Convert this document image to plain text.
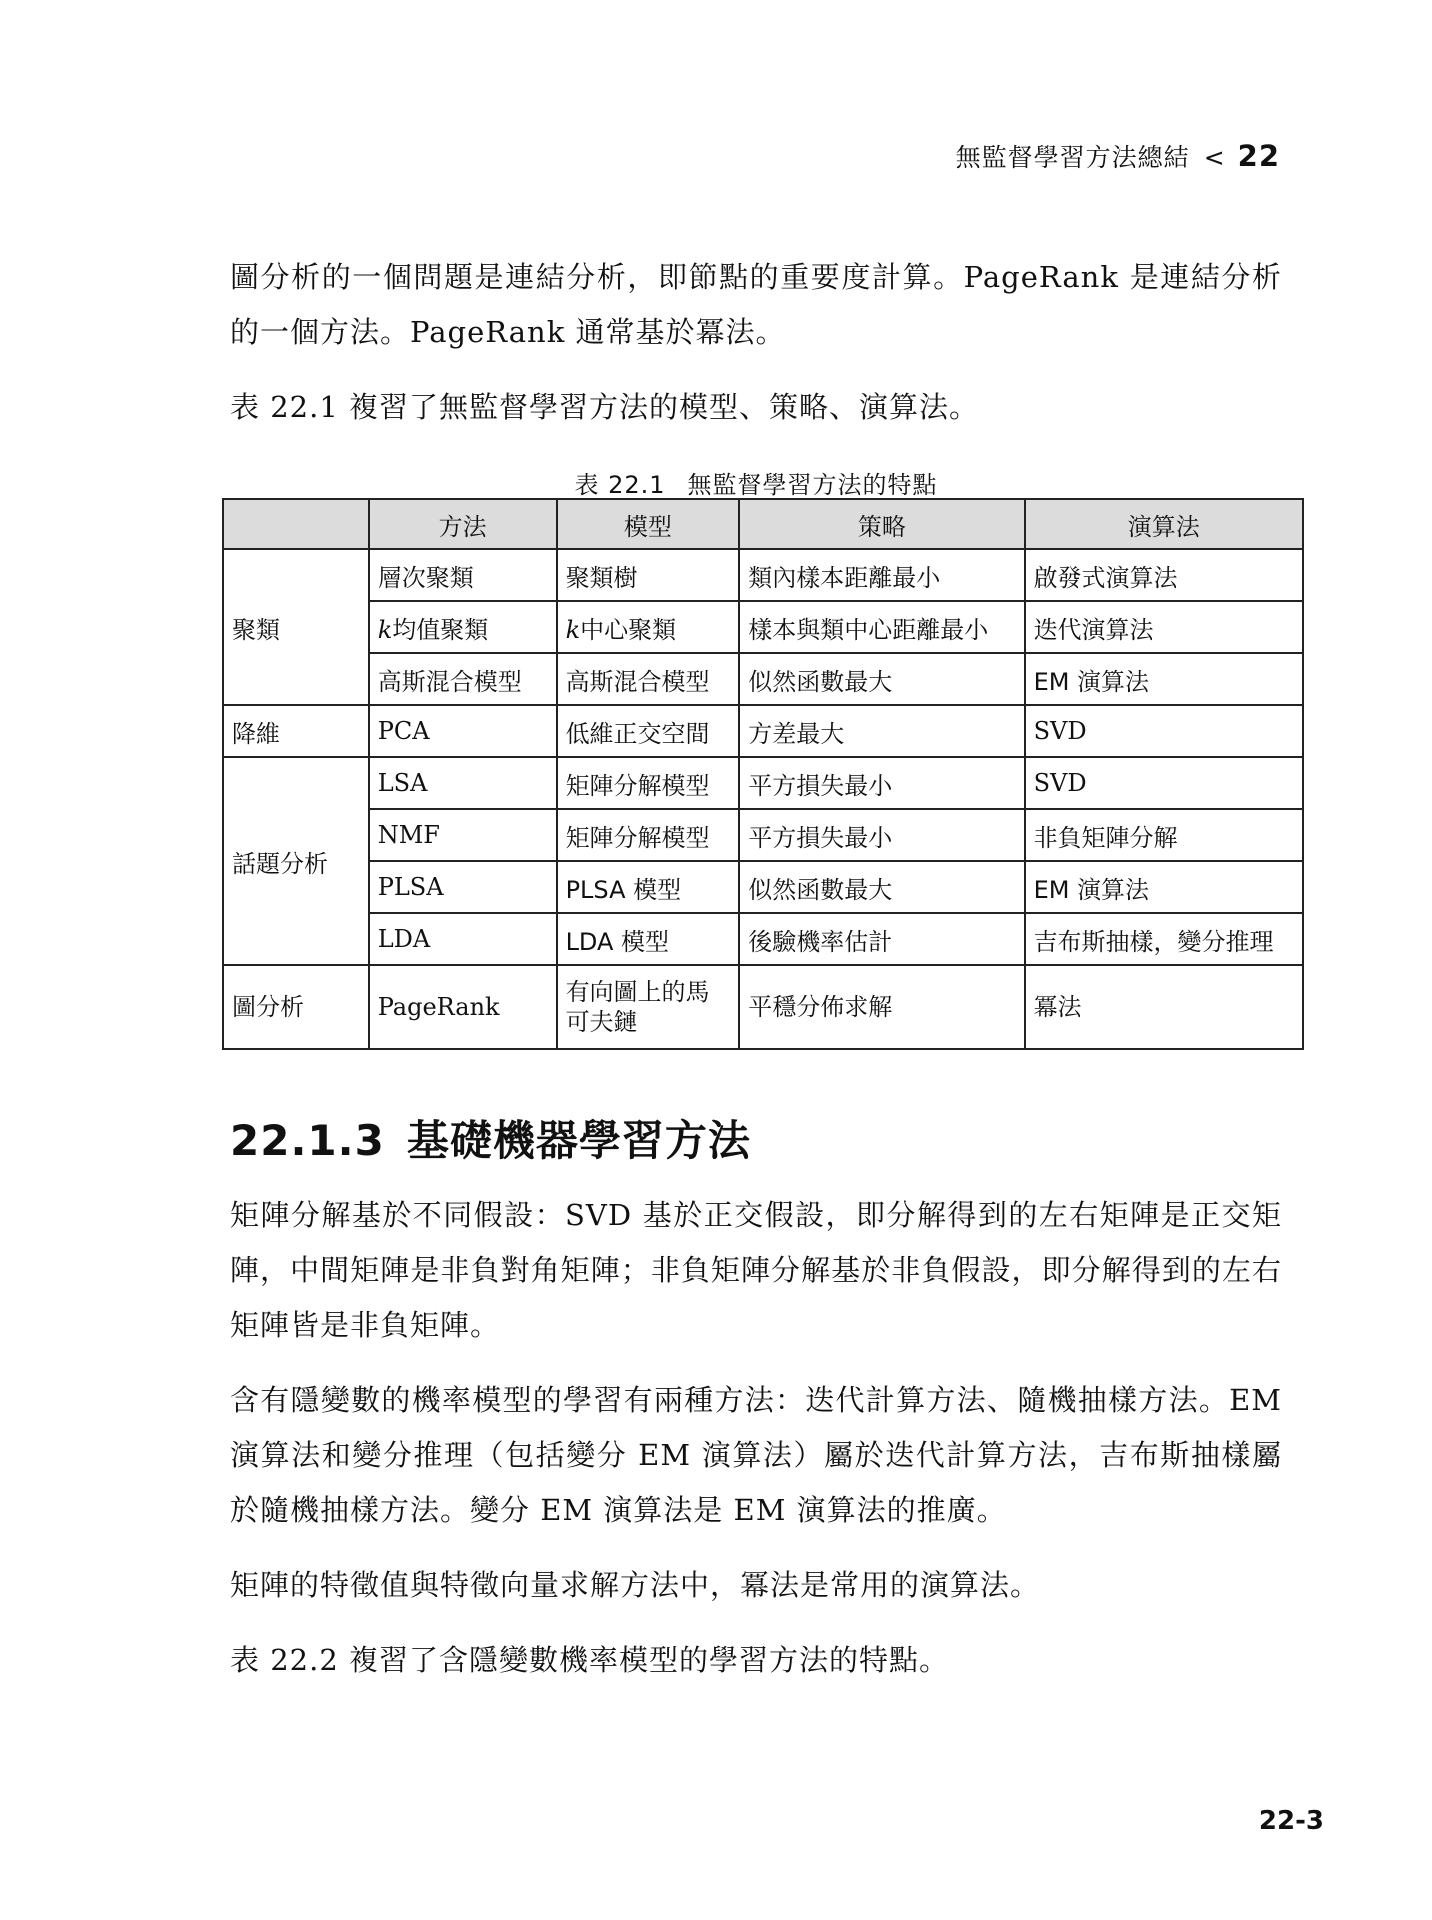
無監督學習方法總結 < 22

圖分析的一個問題是連結分析，即節點的重要度計算。PageRank 是連結分析的一個方法。PageRank 通常基於冪法。

表 22.1 複習了無監督學習方法的模型、策略、演算法。

表 22.1 無監督學習方法的特點
	方法	模型	策略	演算法
聚類	層次聚類	聚類樹	類內樣本距離最小	啟發式演算法
	k均值聚類	k中心聚類	樣本與類中心距離最小	迭代演算法
	高斯混合模型	高斯混合模型	似然函數最大	EM 演算法
降維	PCA	低維正交空間	方差最大	SVD
話題分析	LSA	矩陣分解模型	平方損失最小	SVD
	NMF	矩陣分解模型	平方損失最小	非負矩陣分解
	PLSA	PLSA 模型	似然函數最大	EM 演算法
	LDA	LDA 模型	後驗機率估計	吉布斯抽樣，變分推理
圖分析	PageRank	有向圖上的馬可夫鏈	平穩分佈求解	冪法
22.1.3 基礎機器學習方法

矩陣分解基於不同假設：SVD 基於正交假設，即分解得到的左右矩陣是正交矩陣，中間矩陣是非負對角矩陣；非負矩陣分解基於非負假設，即分解得到的左右矩陣皆是非負矩陣。

含有隱變數的機率模型的學習有兩種方法：迭代計算方法、隨機抽樣方法。EM 演算法和變分推理（包括變分 EM 演算法）屬於迭代計算方法，吉布斯抽樣屬於隨機抽樣方法。變分 EM 演算法是 EM 演算法的推廣。

矩陣的特徵值與特徵向量求解方法中，冪法是常用的演算法。

表 22.2 複習了含隱變數機率模型的學習方法的特點。

22-3
